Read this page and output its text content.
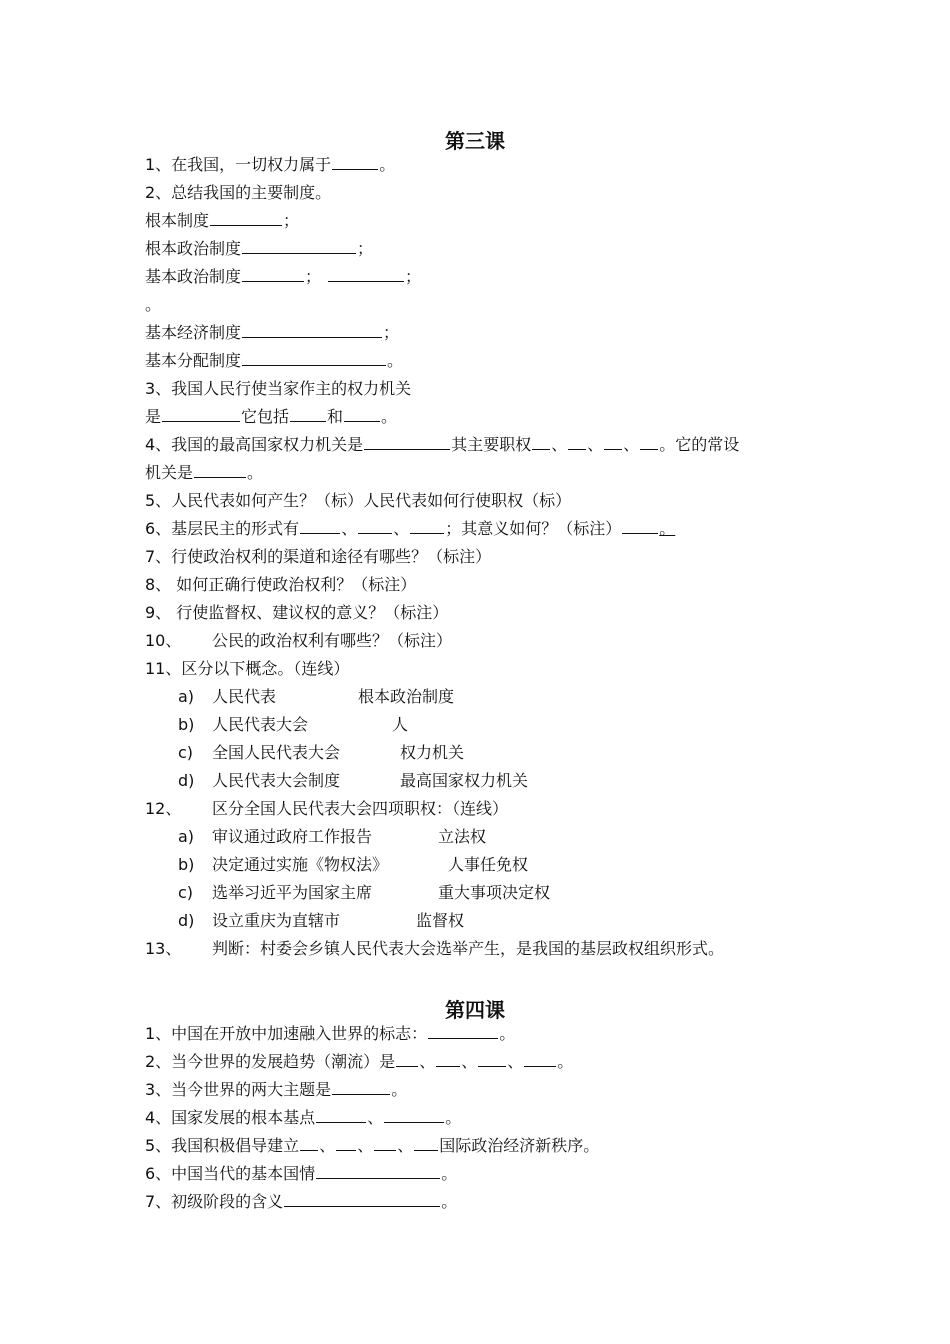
第三课
1、在我国，一切权力属于	。
2、总结我国的主要制度。
根本制度	；
根本政治制度	；
基本政治制度	；	；
。
基本经济制度	；
基本分配制度	。
3、我国人民行使当家作主的权力机关
是	它包括 和 。
4、我国的最高国家权力机关是	其主要职权 、 、 、 。它的常设
机关是	。
5、人民代表如何产生？（标）人民代表如何行使职权（标）
6、基层民主的形式有	、 、 ；其意义如何？（标注） 。
7、行使政治权利的渠道和途径有哪些？（标注）
8、 如何正确行使政治权利？（标注）
9、 行使监督权、建议权的意义？（标注）
10、 公民的政治权利有哪些？（标注）
11、区分以下概念。（连线）
a) 人民代表	根本政治制度
b) 人民代表大会	人
c) 全国人民代表大会	权力机关
d) 人民代表大会制度	最高国家权力机关
12、 区分全国人民代表大会四项职权：（连线）
a) 审议通过政府工作报告	立法权
b) 决定通过实施《物权法》	人事任免权
c) 选举习近平为国家主席	重大事项决定权
d) 设立重庆为直辖市	监督权
13、 判断：村委会乡镇人民代表大会选举产生，是我国的基层政权组织形式。
第四课
1、中国在开放中加速融入世界的标志：	。
2、当今世界的发展趋势（潮流）是 、 、 、 。
3、当今世界的两大主题是	。
4、国家发展的根本基点	、	。
5、我国积极倡导建立 、 、 、 国际政治经济新秩序。
6、中国当代的基本国情	。
7、初级阶段的含义	。
